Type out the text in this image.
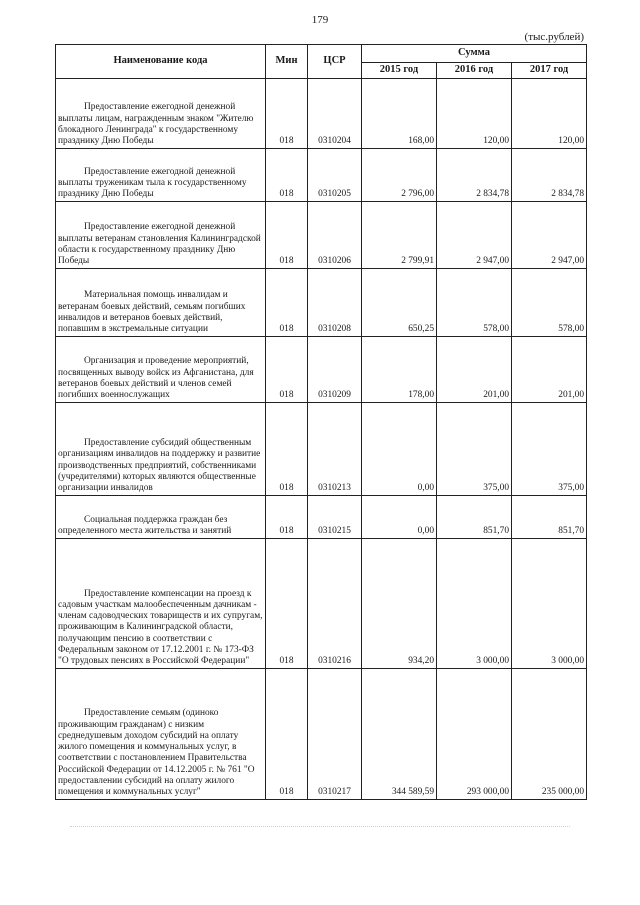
179
(тыс.рублей)
Наименование кода	Мин	ЦСР	Сумма		
			2015 год	2016 год	2017 год

Предоставление ежегодной денежной выплаты лицам, награжденным знаком "Жителю блокадного Ленинграда" к государственному празднику Дню Победы	018	0310204	168,00	120,00	120,00

Предоставление ежегодной денежной выплаты труженикам тыла к государственному празднику Дню Победы	018	0310205	2 796,00	2 834,78	2 834,78

Предоставление ежегодной денежной выплаты ветеранам становления Калининградской области к государственному празднику Дню Победы	018	0310206	2 799,91	2 947,00	2 947,00

Материальная помощь инвалидам и ветеранам боевых действий, семьям погибших инвалидов и ветеранов боевых действий, попавшим в экстремальные ситуации	018	0310208	650,25	578,00	578,00

Организация и проведение мероприятий, посвященных выводу войск из Афганистана, для ветеранов боевых действий и членов семей погибших военнослужащих	018	0310209	178,00	201,00	201,00

Предоставление субсидий общественным организациям инвалидов на поддержку и развитие производственных предприятий, собственниками (учредителями) которых являются общественные организации инвалидов	018	0310213	0,00	375,00	375,00

Социальная поддержка граждан без определенного места жительства и занятий	018	0310215	0,00	851,70	851,70

Предоставление компенсации на проезд к садовым участкам малообеспеченным дачникам - членам садоводческих товариществ и их супругам, проживающим в Калининградской области, получающим пенсию в соответствии с Федеральным законом от 17.12.2001 г. № 173-ФЗ "О трудовых пенсиях в Российской Федерации"	018	0310216	934,20	3 000,00	3 000,00

Предоставление семьям (одиноко проживающим гражданам) с низким среднедушевым доходом субсидий на оплату жилого помещения и коммунальных услуг, в соответствии с постановлением Правительства Российской Федерации от 14.12.2005 г. № 761 "О предоставлении субсидий на оплату жилого помещения и коммунальных услуг"	018	0310217	344 589,59	293 000,00	235 000,00
